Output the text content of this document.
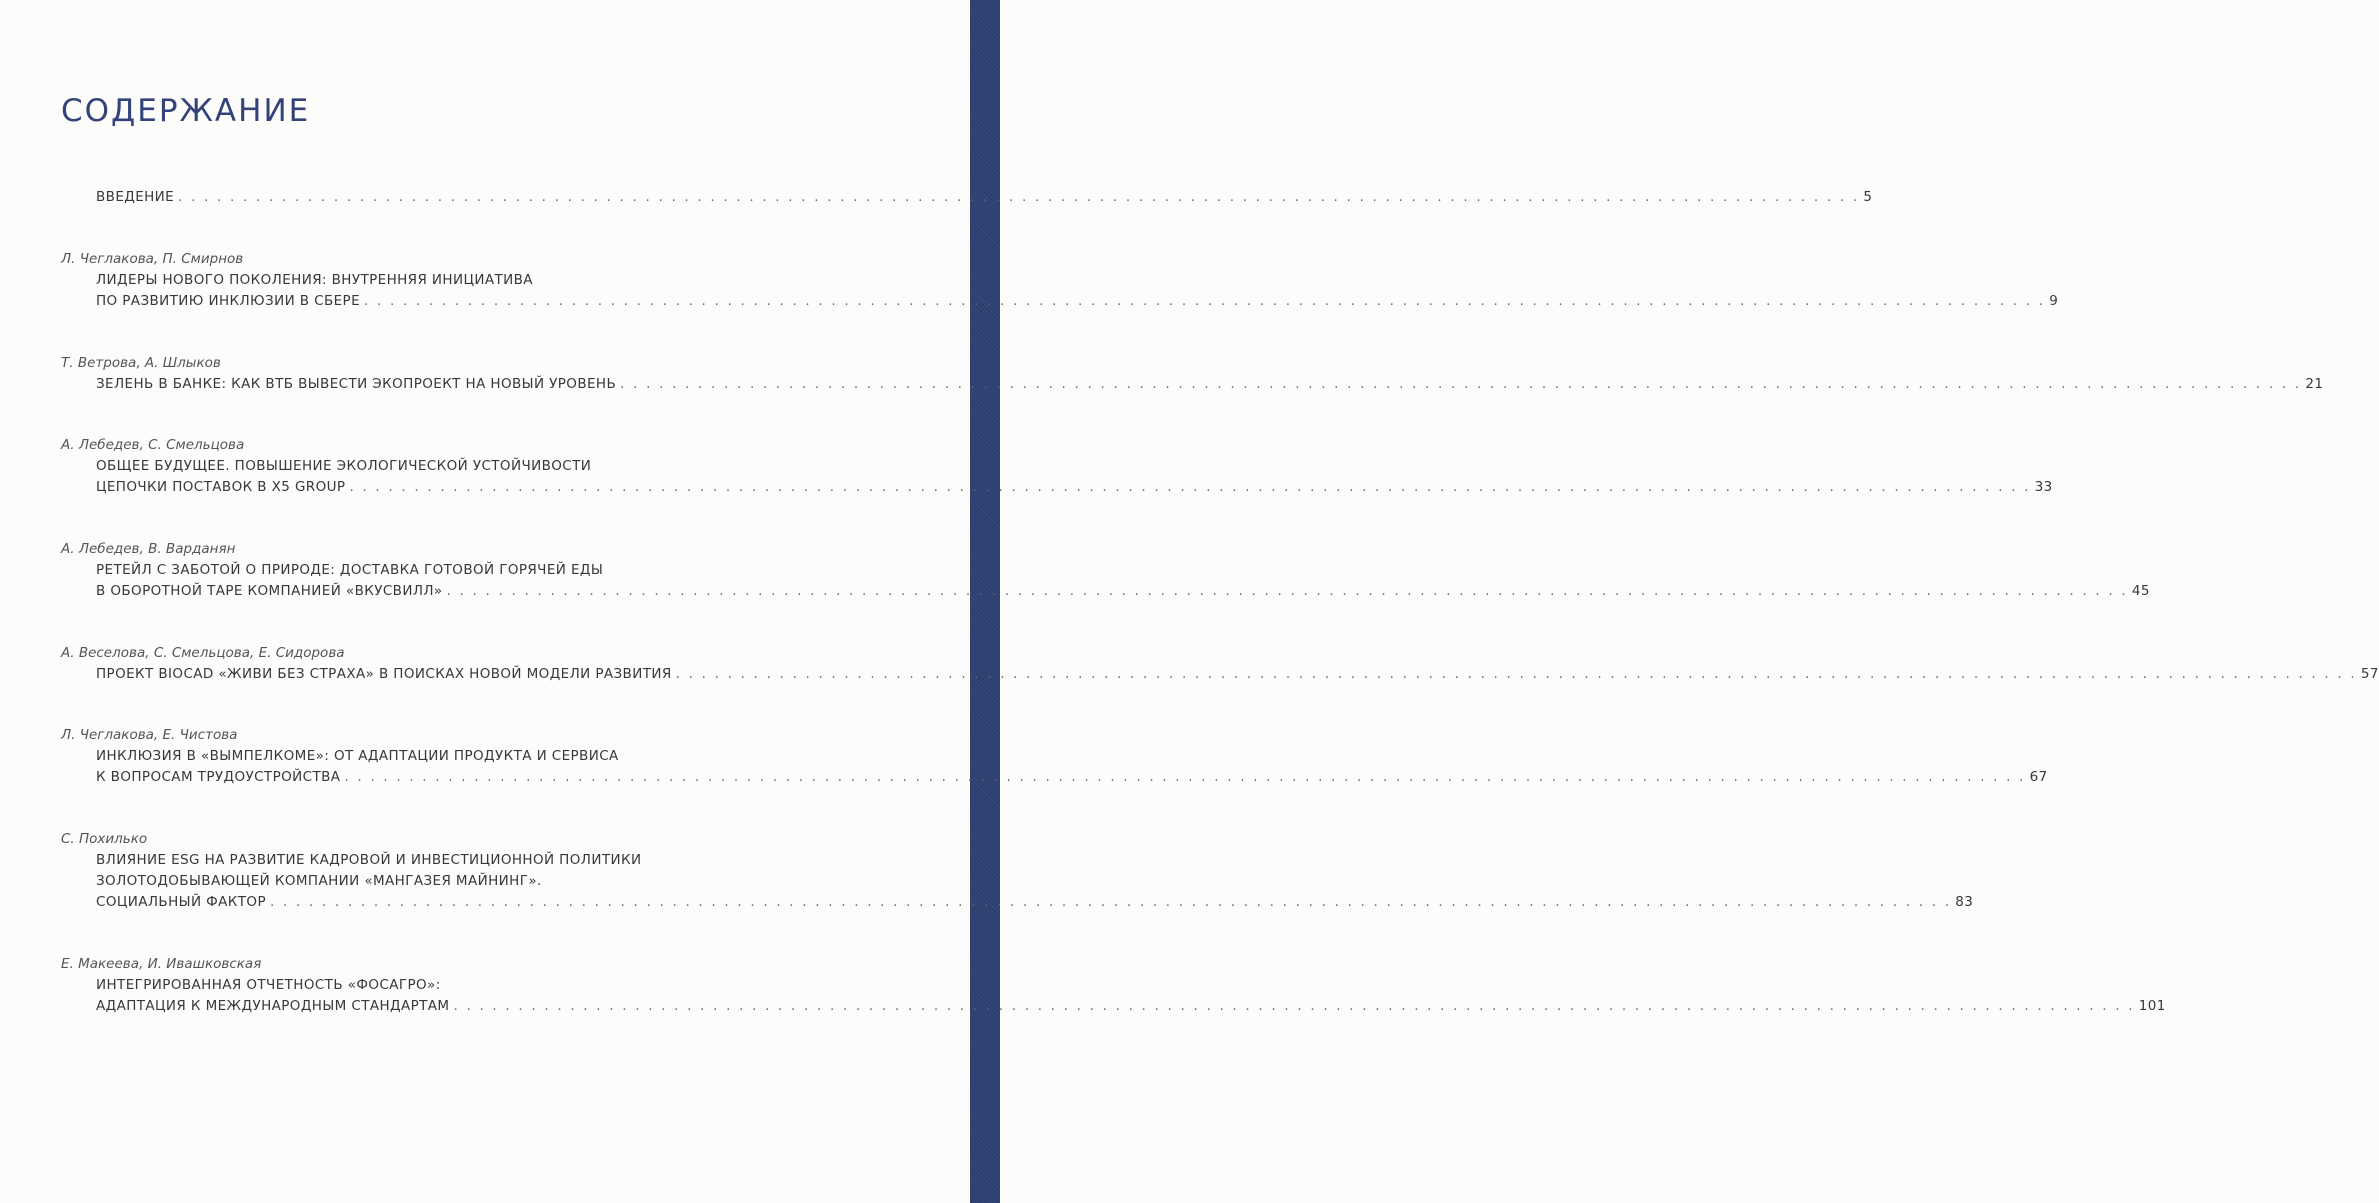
СОДЕРЖАНИЕ
ВВЕДЕНИЕ . . . . . . . . . . . . . . . . . . . . . . . . . . . . . . . . . . . . . . . . . . . . . . . . . . . . . . . . . . . . . . . . . . . . . . . . . . . . . . . . . . . . . . . . . . . . . . . . . . . . . . . . . . . . . . . . . . . . . . . . . . . . . . . . . . 5
Л. Чеглакова, П. Смирнов
ЛИДЕРЫ НОВОГО ПОКОЛЕНИЯ: ВНУТРЕННЯЯ ИНИЦИАТИВА
ПО РАЗВИТИЮ ИНКЛЮЗИИ В СБЕРЕ . . . . . . . . . . . . . . . . . . . . . . . . . . . . . . . . . . . . . . . . . . . . . . . . . . . . . . . . . . . . . . . . . . . . . . . . . . . . . . . . . . . . . . . . . . . . . . . . . . . . . . . . . . . . . . . . . . . . . . . . . . . . . . . . . . 9
Т. Ветрова, А. Шлыков
ЗЕЛЕНЬ В БАНКЕ: КАК ВТБ ВЫВЕСТИ ЭКОПРОЕКТ НА НОВЫЙ УРОВЕНЬ . . . . . . . . . . . . . . . . . . . . . . . . . . . . . . . . . . . . . . . . . . . . . . . . . . . . . . . . . . . . . . . . . . . . . . . . . . . . . . . . . . . . . . . . . . . . . . . . . . . . . . . . . . . . . . . . . . . . . . . . . . . . . . . . . . 21
А. Лебедев, С. Смельцова
ОБЩЕЕ БУДУЩЕЕ. ПОВЫШЕНИЕ ЭКОЛОГИЧЕСКОЙ УСТОЙЧИВОСТИ
ЦЕПОЧКИ ПОСТАВОК В X5 GROUP . . . . . . . . . . . . . . . . . . . . . . . . . . . . . . . . . . . . . . . . . . . . . . . . . . . . . . . . . . . . . . . . . . . . . . . . . . . . . . . . . . . . . . . . . . . . . . . . . . . . . . . . . . . . . . . . . . . . . . . . . . . . . . . . . . 33
А. Лебедев, В. Варданян
РЕТЕЙЛ С ЗАБОТОЙ О ПРИРОДЕ: ДОСТАВКА ГОТОВОЙ ГОРЯЧЕЙ ЕДЫ
В ОБОРОТНОЙ ТАРЕ КОМПАНИЕЙ «ВКУСВИЛЛ» . . . . . . . . . . . . . . . . . . . . . . . . . . . . . . . . . . . . . . . . . . . . . . . . . . . . . . . . . . . . . . . . . . . . . . . . . . . . . . . . . . . . . . . . . . . . . . . . . . . . . . . . . . . . . . . . . . . . . . . . . . . . . . . . . . 45
А. Веселова, С. Смельцова, Е. Сидорова
ПРОЕКТ BIOCAD «ЖИВИ БЕЗ СТРАХА» В ПОИСКАХ НОВОЙ МОДЕЛИ РАЗВИТИЯ . . . . . . . . . . . . . . . . . . . . . . . . . . . . . . . . . . . . . . . . . . . . . . . . . . . . . . . . . . . . . . . . . . . . . . . . . . . . . . . . . . . . . . . . . . . . . . . . . . . . . . . . . . . . . . . . . . . . . . . . . . . . . . . . . . 57
Л. Чеглакова, Е. Чистова
ИНКЛЮЗИЯ В «ВЫМПЕЛКОМЕ»: ОТ АДАПТАЦИИ ПРОДУКТА И СЕРВИСА
К ВОПРОСАМ ТРУДОУСТРОЙСТВА . . . . . . . . . . . . . . . . . . . . . . . . . . . . . . . . . . . . . . . . . . . . . . . . . . . . . . . . . . . . . . . . . . . . . . . . . . . . . . . . . . . . . . . . . . . . . . . . . . . . . . . . . . . . . . . . . . . . . . . . . . . . . . . . . . 67
С. Похилько
ВЛИЯНИЕ ESG НА РАЗВИТИЕ КАДРОВОЙ И ИНВЕСТИЦИОННОЙ ПОЛИТИКИ
ЗОЛОТОДОБЫВАЮЩЕЙ КОМПАНИИ «МАНГАЗЕЯ МАЙНИНГ».
СОЦИАЛЬНЫЙ ФАКТОР . . . . . . . . . . . . . . . . . . . . . . . . . . . . . . . . . . . . . . . . . . . . . . . . . . . . . . . . . . . . . . . . . . . . . . . . . . . . . . . . . . . . . . . . . . . . . . . . . . . . . . . . . . . . . . . . . . . . . . . . . . . . . . . . . . 83
Е. Макеева, И. Ивашковская
ИНТЕГРИРОВАННАЯ ОТЧЕТНОСТЬ «ФОСАГРО»:
АДАПТАЦИЯ К МЕЖДУНАРОДНЫМ СТАНДАРТАМ . . . . . . . . . . . . . . . . . . . . . . . . . . . . . . . . . . . . . . . . . . . . . . . . . . . . . . . . . . . . . . . . . . . . . . . . . . . . . . . . . . . . . . . . . . . . . . . . . . . . . . . . . . . . . . . . . . . . . . . . . . . . . . . . . . 101
